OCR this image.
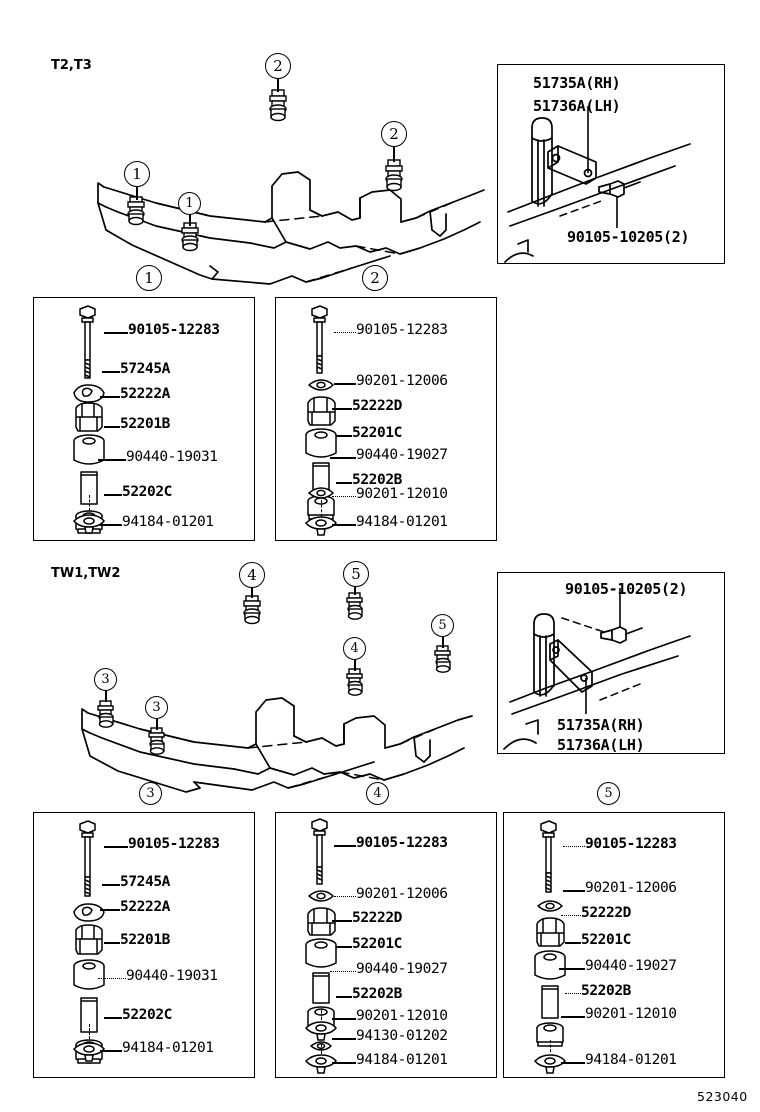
T2,T3	2
2
1
1
51735A(RH)
51736A(LH)
90105-10205(2)
1	2
90105-12283
57245A
52222A
52201B
90440-19031
52202C
94184-01201
90105-12283
90201-12006
52222D
52201C
90440-19027
52202B
90201-12010
94184-01201
TW1,TW2	4	5
4
5
3
3
90105-10205(2)
51735A(RH)
51736A(LH)
3	4	5
90105-12283
57245A
52222A
52201B
90440-19031
52202C
94184-01201
90105-12283
90201-12006
52222D
52201C
90440-19027
52202B
90201-12010
94130-01202
94184-01201
90105-12283
90201-12006
52222D
52201C
90440-19027
52202B
90201-12010
94184-01201
523040
